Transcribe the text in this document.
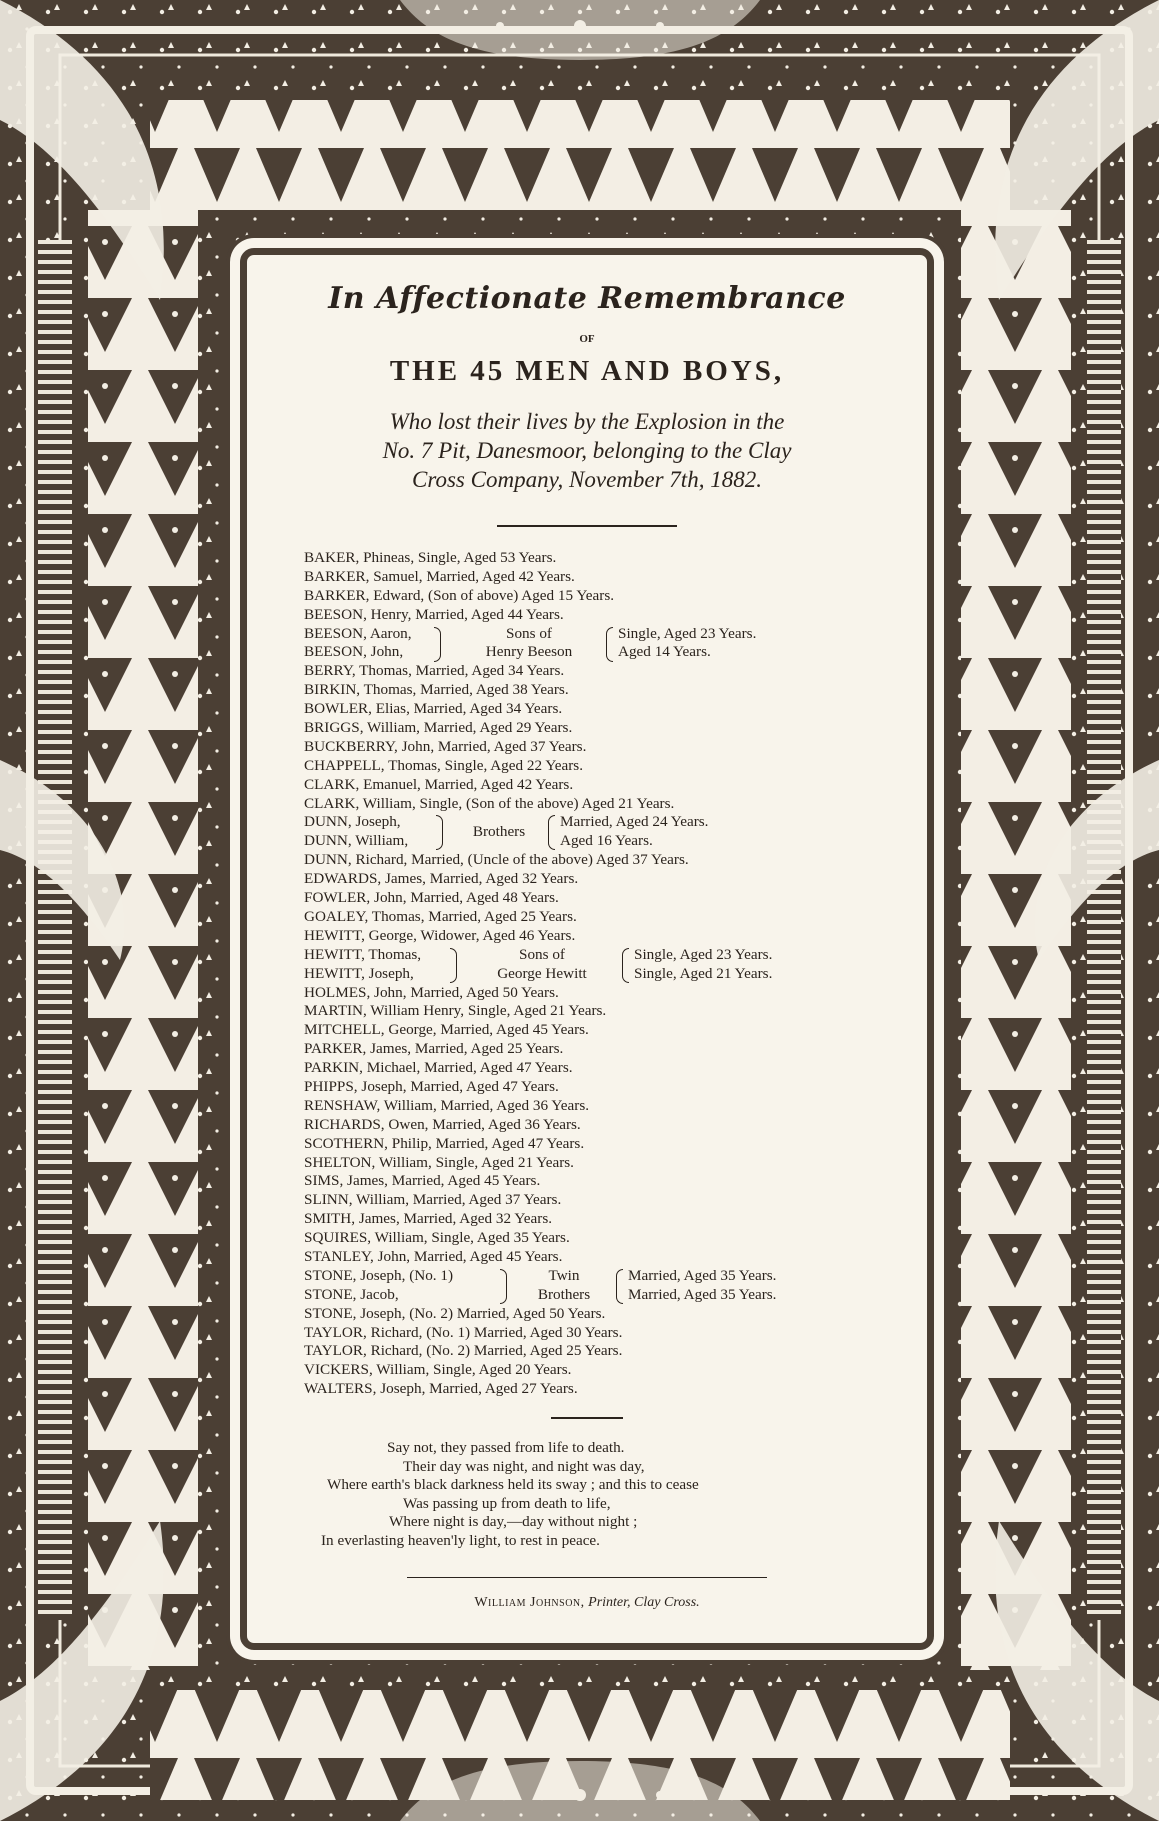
In Affectionate Remembrance
OF
THE 45 MEN AND BOYS,
Who lost their lives by the Explosion in the
No. 7 Pit, Danesmoor, belonging to the Clay
Cross Company, November 7th, 1882.
BAKER, Phineas, Single, Aged 53 Years.
BARKER, Samuel, Married, Aged 42 Years.
BARKER, Edward, (Son of above) Aged 15 Years.
BEESON, Henry, Married, Aged 44 Years.
BEESON, Aaron,
BEESON, John,
Sons of
Henry Beeson
Single, Aged 23 Years.
Aged 14 Years.
BERRY, Thomas, Married, Aged 34 Years.
BIRKIN, Thomas, Married, Aged 38 Years.
BOWLER, Elias, Married, Aged 34 Years.
BRIGGS, William, Married, Aged 29 Years.
BUCKBERRY, John, Married, Aged 37 Years.
CHAPPELL, Thomas, Single, Aged 22 Years.
CLARK, Emanuel, Married, Aged 42 Years.
CLARK, William, Single, (Son of the above) Aged 21 Years.
DUNN, Joseph,
DUNN, William,
Brothers
Married, Aged 24 Years.
Aged 16 Years.
DUNN, Richard, Married, (Uncle of the above) Aged 37 Years.
EDWARDS, James, Married, Aged 32 Years.
FOWLER, John, Married, Aged 48 Years.
GOALEY, Thomas, Married, Aged 25 Years.
HEWITT, George, Widower, Aged 46 Years.
HEWITT, Thomas,
HEWITT, Joseph,
Sons of
George Hewitt
Single, Aged 23 Years.
Single, Aged 21 Years.
HOLMES, John, Married, Aged 50 Years.
MARTIN, William Henry, Single, Aged 21 Years.
MITCHELL, George, Married, Aged 45 Years.
PARKER, James, Married, Aged 25 Years.
PARKIN, Michael, Married, Aged 47 Years.
PHIPPS, Joseph, Married, Aged 47 Years.
RENSHAW, William, Married, Aged 36 Years.
RICHARDS, Owen, Married, Aged 36 Years.
SCOTHERN, Philip, Married, Aged 47 Years.
SHELTON, William, Single, Aged 21 Years.
SIMS, James, Married, Aged 45 Years.
SLINN, William, Married, Aged 37 Years.
SMITH, James, Married, Aged 32 Years.
SQUIRES, William, Single, Aged 35 Years.
STANLEY, John, Married, Aged 45 Years.
STONE, Joseph, (No. 1)
STONE, Jacob,
Twin
Brothers
Married, Aged 35 Years.
Married, Aged 35 Years.
STONE, Joseph, (No. 2) Married, Aged 50 Years.
TAYLOR, Richard, (No. 1) Married, Aged 30 Years.
TAYLOR, Richard, (No. 2) Married, Aged 25 Years.
VICKERS, William, Single, Aged 20 Years.
WALTERS, Joseph, Married, Aged 27 Years.
Say not, they passed from life to death.
Their day was night, and night was day,
Where earth's black darkness held its sway ; and this to cease
Was passing up from death to life,
Where night is day,—day without night ;
In everlasting heaven'ly light, to rest in peace.
William Johnson, Printer, Clay Cross.
